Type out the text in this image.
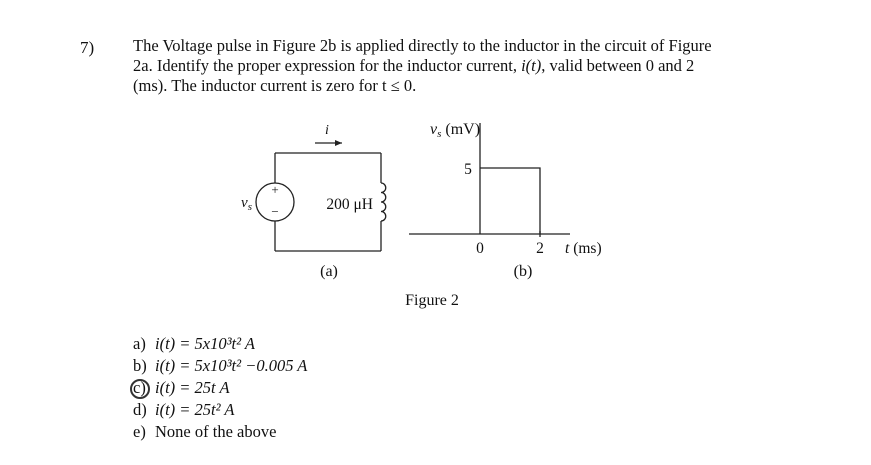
7) The Voltage pulse in Figure 2b is applied directly to the inductor in the circuit of Figure

2a. Identify the proper expression for the inductor current, i(t), valid between 0 and 2

(ms). The inductor current is zero for t ≤ 0.

i
+
−
$v_s$	200 μH
(a)
vs (mV)
5
0	2 t (ms)
(b)
Figure 2
a) i(t) = 5x10³t² A
b) i(t) = 5x10³t² −0.005 A
c) i(t) = 25t A
d) i(t) = 25t² A
e) None of the above
